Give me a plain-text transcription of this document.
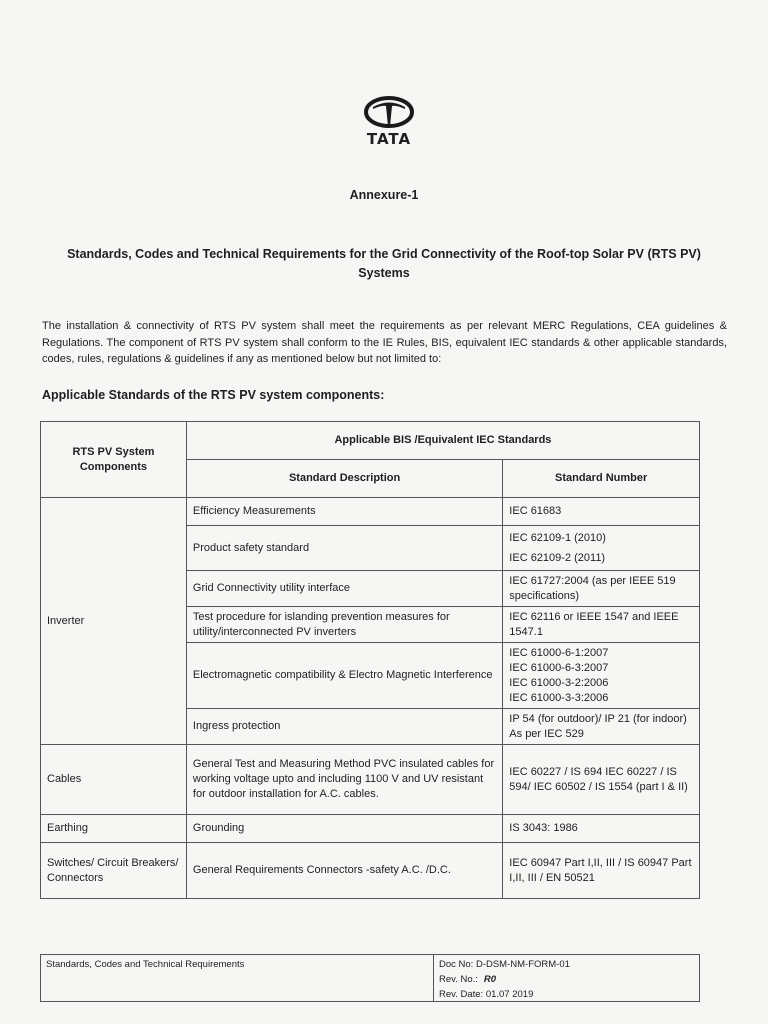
TATA
Annexure-1
Standards, Codes and Technical Requirements for the Grid Connectivity of the Roof-top Solar PV (RTS PV) Systems
The installation & connectivity of RTS PV system shall meet the requirements as per relevant MERC Regulations, CEA guidelines & Regulations. The component of RTS PV system shall conform to the IE Rules, BIS, equivalent IEC standards & other applicable standards, codes, rules, regulations & guidelines if any as mentioned below but not limited to:
Applicable Standards of the RTS PV system components:
RTS PV System Components	Applicable BIS /Equivalent IEC Standards	
	Standard Description	Standard Number
Inverter	Efficiency Measurements	IEC 61683
	Product safety standard	IEC 62109-1 (2010)
IEC 62109-2 (2011)

	Grid Connectivity utility interface	IEC 61727:2004 (as per IEEE 519 specifications)
	Test procedure for islanding prevention measures for utility/interconnected PV inverters	IEC 62116 or IEEE 1547 and IEEE 1547.1
	Electromagnetic compatibility & Electro Magnetic Interference	IEC 61000-6-1:2007
IEC 61000-6-3:2007
IEC 61000-3-2:2006
IEC 61000-3-3:2006

	Ingress protection	IP 54 (for outdoor)/ IP 21 (for indoor) As per IEC 529
Cables	General Test and Measuring Method PVC insulated cables for working voltage upto and including 1100 V and UV resistant for outdoor installation for A.C. cables.	IEC 60227 / IS 694 IEC 60227 / IS 594/ IEC 60502 / IS 1554 (part I & II)
Earthing	Grounding	IS 3043: 1986
Switches/ Circuit Breakers/ Connectors	General Requirements Connectors -safety A.C. /D.C.	IEC 60947 Part I,II, III / IS 60947 Part I,II, III / EN 50521
Standards, Codes and Technical Requirements	Doc No: D-DSM-NM-FORM-01
Rev. No.: R0
Rev. Date: 01.07 2019
